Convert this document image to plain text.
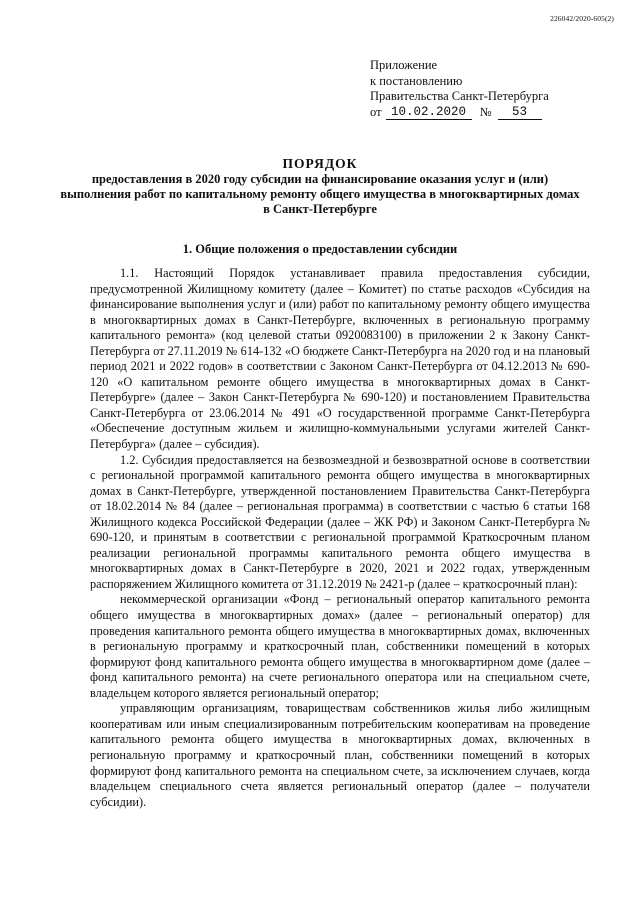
226042/2020-605(2)
Приложение
к постановлению
Правительства Санкт-Петербурга
от 10.02.2020	№	53
ПОРЯДОК
предоставления в 2020 году субсидии на финансирование оказания услуг и (или) выполнения работ по капитальному ремонту общего имущества в многоквартирных домах в Санкт-Петербурге
1. Общие положения о предоставлении субсидии

1.1. Настоящий Порядок устанавливает правила предоставления субсидии, предусмотренной Жилищному комитету (далее – Комитет) по статье расходов «Субсидия на финансирование выполнения услуг и (или) работ по капитальному ремонту общего имущества в многоквартирных домах в Санкт-Петербурге, включенных в региональную программу капитального ремонта» (код целевой статьи 0920083100) в приложении 2 к Закону Санкт-Петербурга от 27.11.2019 № 614-132 «О бюджете Санкт-Петербурга на 2020 год и на плановый период 2021 и 2022 годов» в соответствии с Законом Санкт-Петербурга от 04.12.2013 № 690-120 «О капитальном ремонте общего имущества в многоквартирных домах в Санкт-Петербурге» (далее – Закон Санкт-Петербурга № 690-120) и постановлением Правительства Санкт-Петербурга от 23.06.2014 № 491 «О государственной программе Санкт-Петербурга «Обеспечение доступным жильем и жилищно-коммунальными услугами жителей Санкт-Петербурга» (далее – субсидия).

1.2. Субсидия предоставляется на безвозмездной и безвозвратной основе в соответствии с региональной программой капитального ремонта общего имущества в многоквартирных домах в Санкт-Петербурге, утвержденной постановлением Правительства Санкт-Петербурга от 18.02.2014 № 84 (далее – региональная программа) в соответствии с частью 6 статьи 168 Жилищного кодекса Российской Федерации (далее – ЖК РФ) и Законом Санкт-Петербурга № 690-120, и принятым в соответствии с региональной программой Краткосрочным планом реализации региональной программы капитального ремонта общего имущества в многоквартирных домах в Санкт-Петербурге в 2020, 2021 и 2022 годах, утвержденным распоряжением Жилищного комитета от 31.12.2019 № 2421-р (далее – краткосрочный план):

некоммерческой организации «Фонд – региональный оператор капитального ремонта общего имущества в многоквартирных домах» (далее – региональный оператор) для проведения капитального ремонта общего имущества в многоквартирных домах, включенных в региональную программу и краткосрочный план, собственники помещений в которых формируют фонд капитального ремонта общего имущества в многоквартирном доме (далее – фонд капитального ремонта) на счете регионального оператора или на специальном счете, владельцем которого является региональный оператор;

управляющим организациям, товариществам собственников жилья либо жилищным кооперативам или иным специализированным потребительским кооперативам на проведение капитального ремонта общего имущества в многоквартирных домах, включенных в региональную программу и краткосрочный план, собственники помещений в которых формируют фонд капитального ремонта на специальном счете, за исключением случаев, когда владельцем специального счета является региональный оператор (далее – получатели субсидии).
